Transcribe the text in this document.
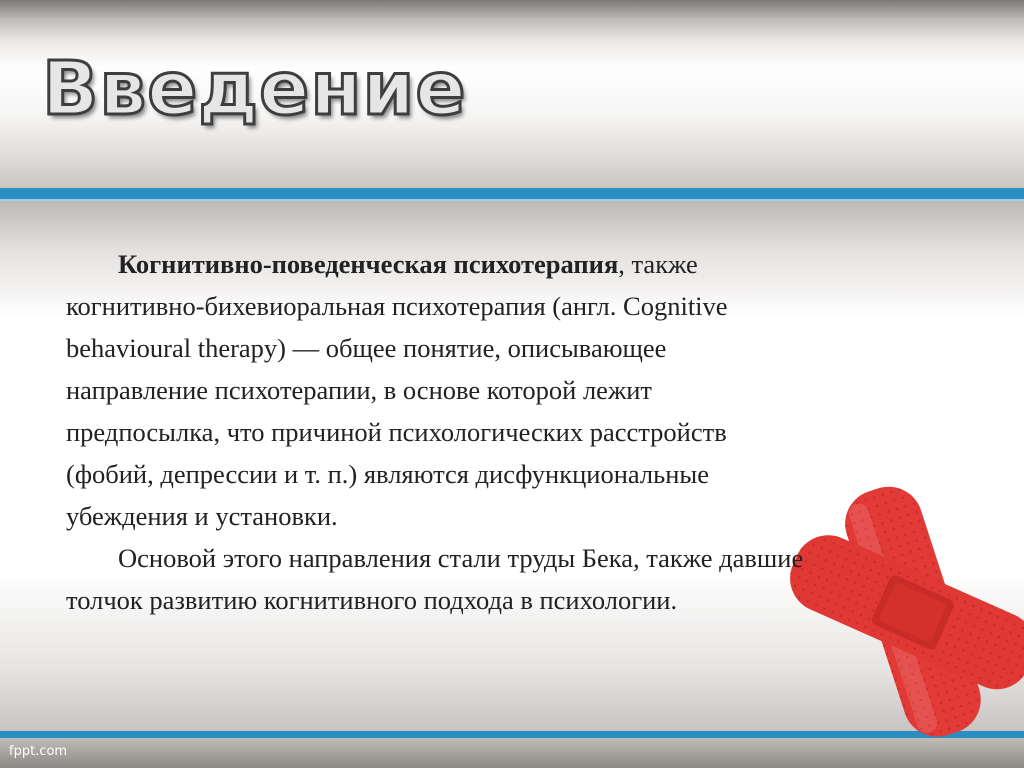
Введение

Когнитивно-поведенческая психотерапия, также

когнитивно-бихевиоральная психотерапия (англ. Cognitive

behavioural therapy) — общее понятие, описывающее

направление психотерапии, в основе которой лежит

предпосылка, что причиной психологических расстройств

(фобий, депрессии и т. п.) являются дисфункциональные

убеждения и установки.

Основой этого направления стали труды Бека, также давшие

толчок развитию когнитивного подхода в психологии.

fppt.com
